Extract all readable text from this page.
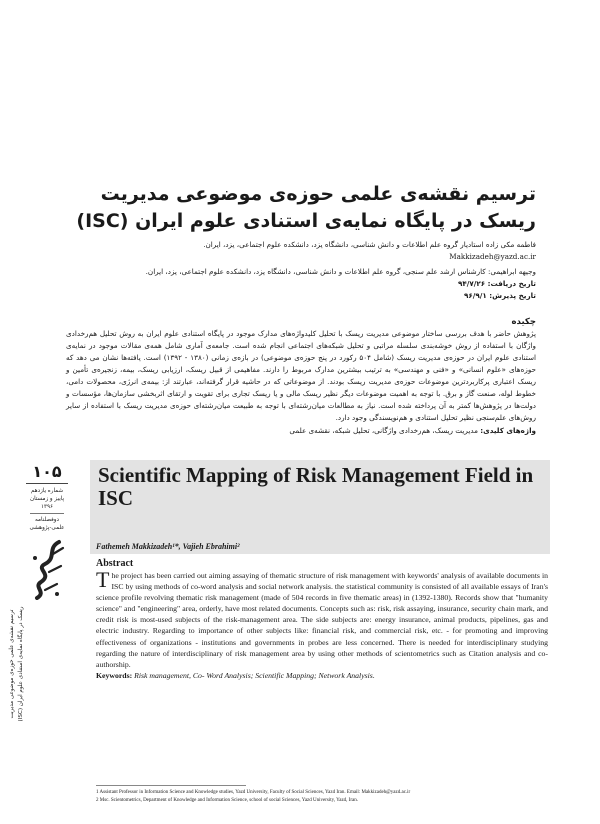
ترسیم نقشه‌ی علمی حوزه‌ی موضوعی مدیریت ریسک در پایگاه نمایه‌ی استنادی علوم ایران (ISC)

فاطمه مکی زاده استادیار گروه علم اطلاعات و دانش شناسی، دانشگاه یزد، دانشکده علوم اجتماعی، یزد، ایران.

Makkizadeh@yazd.ac.ir

وجیهه ابراهیمی: کارشناس ارشد علم سنجی، گروه علم اطلاعات و دانش شناسی، دانشگاه یزد، دانشکده علوم اجتماعی، یزد، ایران.

تاریخ دریافت: ۹۴/۷/۲۶

تاریخ پذیرش: ۹۶/۹/۱

چکیده

پژوهش حاضر با هدف بررسی ساختار موضوعی مدیریت ریسک با تحلیل کلیدواژه‌های مدارک موجود در پایگاه استنادی علوم ایران به روش تحلیل هم‌رخدادی واژگان با استفاده از روش خوشه‌بندی سلسله مراتبی و تحلیل شبکه‌های اجتماعی انجام شده است. جامعه‌ی آماری شامل همه‌ی مقالات موجود در نمایه‌ی استنادی علوم ایران در حوزه‌ی مدیریت ریسک (شامل ۵۰۴ رکورد در پنج حوزه‌ی موضوعی) در بازه‌ی زمانی (۱۳۸۰ - ۱۳۹۲) است. یافته‌ها نشان می دهد که حوزه‌های «علوم انسانی» و «فنی و مهندسی» به ترتیب بیشترین مدارک مربوط را دارند. مفاهیمی از قبیل ریسک، ارزیابی ریسک، بیمه، زنجیره‌ی تأمین و ریسک اعتباری پرکاربردترین موضوعات حوزه‌ی مدیریت ریسک بودند. از موضوعاتی که در حاشیه قرار گرفته‌اند، عبارتند از: بیمه‌ی انرژی، محصولات دامی، خطوط لوله، صنعت گاز و برق. با توجه به اهمیت موضوعات دیگر نظیر ریسک مالی و یا ریسک تجاری برای تقویت و ارتقای اثربخشی سازمان‌ها، مؤسسات و دولت‌ها در پژوهش‌ها کمتر به آن پرداخته شده است. نیاز به مطالعات میان‌رشته‌ای با توجه به طبیعت میان‌رشته‌ای حوزه‌ی مدیریت ریسک با استفاده از سایر روش‌های علم‌سنجی نظیر تحلیل استنادی و هم‌نویسندگی وجود دارد.

واژه‌های کلیدی: مدیریت ریسک، هم‌رخدادی واژگانی، تحلیل شبکه، نقشه‌ی علمی

۱۰۵
شماره یازدهم
پاییز و زمستان
۱۳۹۶
دوفصلنامه
علمی-پژوهشی
ترسیم نقشه‌ی علمی حوزه‌ی موضوعی مدیریت ریسک در پایگاه نمایه‌ی استنادی علوم ایران (ISC)
Scientific Mapping of Risk Management Field in ISC
Fathemeh Makkizadeh¹*, Vajieh Ebrahimi²
Abstract

The project has been carried out aiming assaying of thematic structure of risk management with keywords' analysis of available documents in ISC by using methods of co-word analysis and social network analysis. the statistical community is consisted of all available essays of Iran's science profile revolving thematic risk management (made of 504 records in five thematic areas) in (1392-1380). Records show that "humanity science" and "engineering" area, orderly, have most related documents. Concepts such as: risk, risk assaying, insurance, security chain mark, and credit risk is most-used subjects of the risk-management area. The side subjects are: energy insurance, animal products, pipelines, gas and electric industry. Regarding to importance of other subjects like: financial risk, and commercial risk, etc. - for promoting and improving effectiveness of organizations - institutions and governments in probes are less concerned. There is needed for interdisciplinary studying regarding the nature of interdisciplinary of risk management area by using other methods of scientometrics such as Citation analysis and co-authorship.

Keywords: Risk management, Co- Word Analysis; Scientific Mapping; Network Analysis.

1 Assistant Professor in Information Science and Knowledge studies, Yazd University, Faculty of Social Sciences, Yazd Iran. Email: Makkizadeh@yazd.ac.ir

2 Msc. Scientometrics, Department of Knowledge and Information Science, school of social Sciences, Yazd University, Yazd, Iran.
